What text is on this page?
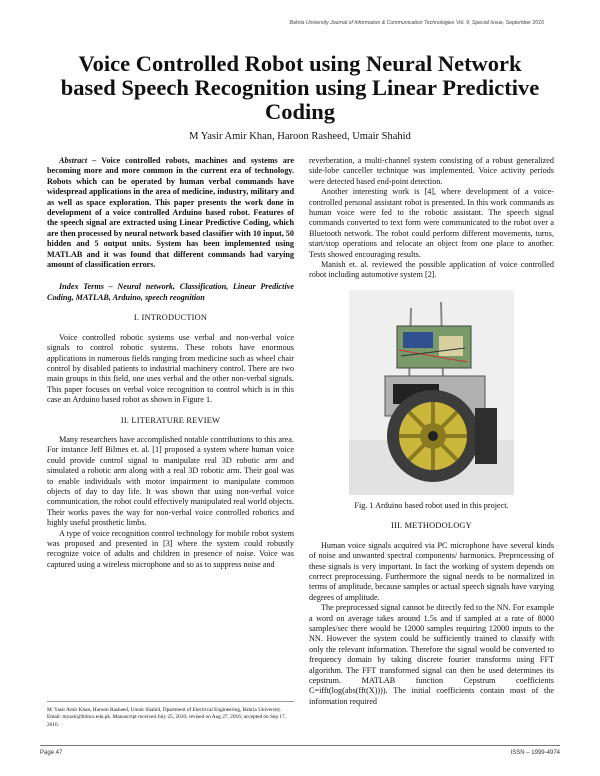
Bahria University Journal of Information & Communication Technologies Vol. 9, Special Issue, September 2016
Voice Controlled Robot using Neural Network based Speech Recognition using Linear Predictive Coding

M Yasir Amir Khan, Haroon Rasheed, Umair Shahid

Abstract – Voice controlled robots, machines and systems are becoming more and more common in the current era of technology. Robots which can be operated by human verbal commands have widespread applications in the area of medicine, industry, military and as well as space exploration. This paper presents the work done in development of a voice controlled Arduino based robot. Features of the speech signal are extracted using Linear Predictive Coding, which are then processed by neural network based classifier with 10 input, 50 hidden and 5 output units. System has been implemented using MATLAB and it was found that different commands had varying amount of classification errors.

Index Terms – Neural network, Classification, Linear Predictive Coding, MATLAB, Arduino, speech reognition

I. INTRODUCTION

Voice controlled robotic systems use verbal and non-verbal voice signals to control robotic systems. These robots have enormous applications in numerous fields ranging from medicine such as wheel chair control by disabled patients to industrial machinery control. There are two main groups in this field, one uses verbal and the other non-verbal signals. This paper focuses on verbal voice recognition to control which is in this case an Arduino based robot as shown in Figure 1.

II. LITERATURE REVIEW

Many researchers have accomplished notable contributions to this area. For instance Jeff Bilmes et. al. [1] proposed a system where human voice could provide control signal to manipulate real 3D robotic arm and simulated a robotic arm along with a real 3D robotic arm. Their goal was to enable individuals with motor impairment to manipulate common objects of day to day life. It was shown that using non-verbal voice communication, the robot could effectively manipulated real world objects. Their works paves the way for non-verbal voice controlled robotics and highly useful prosthetic limbs.

A type of voice recognition control technology for mobile robot system was proposed and presented in [3] where the system could robustly recognize voice of adults and children in presence of noise. Voice was captured using a wireless microphone and so as to suppress noise and

reverberation, a multi-channel system consisting of a robust generalized side-lobe canceller technique was implemented. Voice activity periods were detected based end-point detection.

Another interesting work is [4], where development of a voice-controlled personal assistant robot is presented. In this work commands as human voice were fed to the robotic assistant. The speech signal commands converted to text form were communicated to the robot over a Bluetooth network. The robot could perform different movements, turns, start/stop operations and relocate an object from one place to another. Tests showed encouraging results.

Manish et. al. reviewed the possible application of voice controlled robot including automotive system [2].

Fig. 1 Arduino based robot used in this project.

III. METHODOLOGY

Human voice signals acquired via PC microphone have several kinds of noise and unwanted spectral components/ harmonics. Preprocessing of these signals is very important. In fact the working of system depends on correct preprocessing. Furthermore the signal needs to be normalized in terms of amplitude, because samples or actual speech signals have varying degrees of amplitude.

The preprocessed signal cannot be directly fed to the NN. For example a word on average takes around 1.5s and if sampled at a rate of 8000 samples/sec there would be 12000 samples requiring 12000 inputs to the NN. However the system could be sufficiently trained to classify with only the relevant information. Therefore the signal would be converted to frequency domain by taking discrete fourier transforms using FFT algorithm. The FFT transformed signal can then be used determines its cepstrum. MATLAB function Cepstrum coefficients C=ifft(log(abs(fft(X)))). The initial coefficients contain most of the information required

M. Yasir Amir Khan, Haroon Rasheed, Umair Shahid, Dpartment of Electrical Engineering, Bahria University. Email: myasir@bimcs.edu.pk. Manuscript received July 25, 2016; revised on Aug 27, 2016; accepted on Sep 17, 2016.
Page 47	ISSN – 1999-4974
